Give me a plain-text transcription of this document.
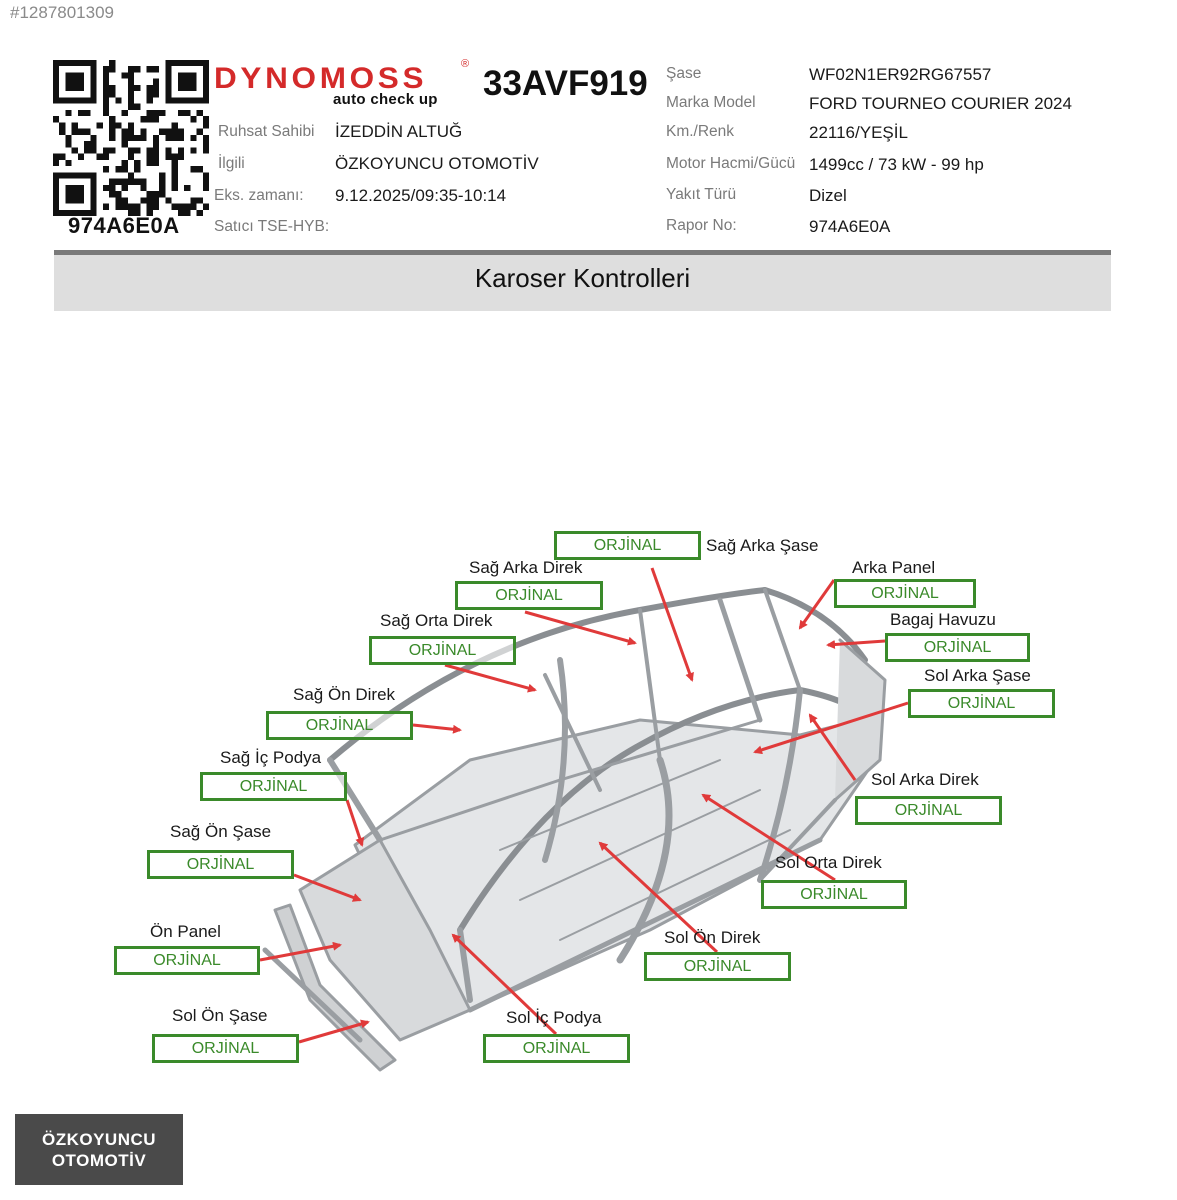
#1287801309
974A6E0A
DYNOMOSS	®
auto check up 33AVF919
Ruhsat Sahibi İZEDDİN ALTUĞ
İlgili	ÖZKOYUNCU OTOMOTİV
Eks. zamanı: 9.12.2025/09:35-10:14
Satıcı TSE-HYB:
Şase	WF02N1ER92RG67557
Marka Model	FORD TOURNEO COURIER 2024
Km./Renk	22116/YEŞİL
Motor Hacmi/Gücü 1499cc / 73 kW - 99 hp
Yakıt Türü	Dizel
Rapor No:	974A6E0A
Karoser Kontrolleri
Sağ Arka Şase
ORJİNAL
Sağ Arka Direk
ORJİNAL
Arka Panel
ORJİNAL
Sağ Orta Direk
ORJİNAL
Bagaj Havuzu
ORJİNAL
Sol Arka Şase
ORJİNAL
Sağ Ön Direk
ORJİNAL
Sağ İç Podya
ORJİNAL	Sol Arka Direk
ORJİNAL
Sağ Ön Şase
ORJİNAL	Sol Orta Direk
ORJİNAL
Ön Panel
ORJİNAL
Sol Ön Direk
ORJİNAL
Sol Ön Şase
ORJİNAL
Sol İç Podya
ORJİNAL
ÖZKOYUNCU
OTOMOTİV
